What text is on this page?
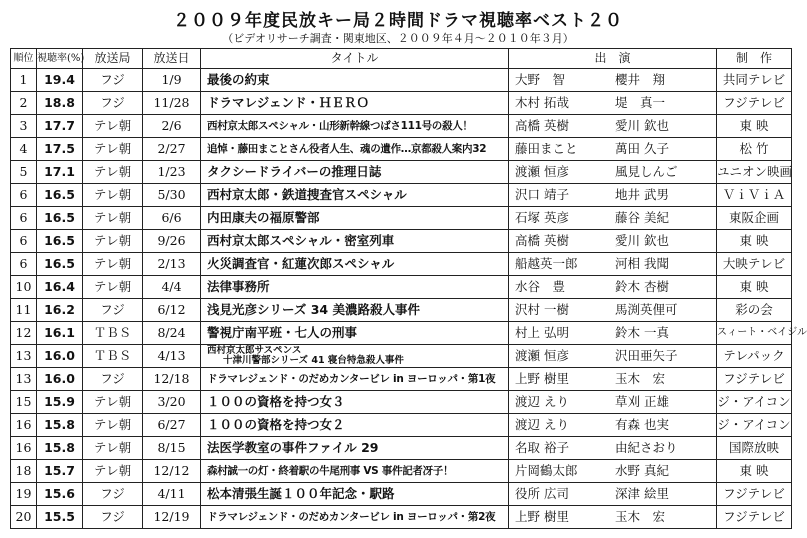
２００９年度民放キー局２時間ドラマ視聴率ベスト２０
（ビデオリサーチ調査・関東地区、２００９年４月〜２０１０年３月）
順位	視聴率(%)	放送局	放送日	タイトル	出　演	制　作
1	19.4	フジ	1/9	最後の約束	大野　智 櫻井　翔	共同テレビ
2	18.8	フジ	11/28	ドラマレジェンド・ＨＥＲＯ	木村 拓哉 堤　真一	フジテレビ
3	17.7	テレ朝	2/6	西村京太郎スペシャル・山形新幹線つばさ111号の殺人！	高橋 英樹 愛川 欽也	東 映
4	17.5	テレ朝	2/27	追悼・藤田まことさん役者人生、魂の遺作…京都殺人案内32	藤田まこと 萬田 久子	松 竹
5	17.1	テレ朝	1/23	タクシードライバーの推理日誌	渡瀬 恒彦 風見しんご	ユニオン映画
6	16.5	テレ朝	5/30	西村京太郎・鉄道捜査官スペシャル	沢口 靖子 地井 武男	ＶｉＶｉＡ
6	16.5	テレ朝	6/6	内田康夫の福原警部	石塚 英彦 藤谷 美紀	東阪企画
6	16.5	テレ朝	9/26	西村京太郎スペシャル・密室列車	高橋 英樹 愛川 欽也	東 映
6	16.5	テレ朝	2/13	火災調査官・紅蓮次郎スペシャル	船越英一郎 河相 我聞	大映テレビ
10	16.4	テレ朝	4/4	法律事務所	水谷　豊 鈴木 杏樹	東 映
11	16.2	フジ	6/12	浅見光彦シリーズ 34 美濃路殺人事件	沢村 一樹 馬渕英俚可	彩の会
12	16.1	ＴＢＳ	8/24	警視庁南平班・七人の刑事	村上 弘明 鈴木 一真	スィート・ベイジル
13	16.0	ＴＢＳ	4/13	西村京太郎サスペンス
十津川警部シリーズ 41 寝台特急殺人事件	渡瀬 恒彦 沢田亜矢子	テレパック
13	16.0	フジ	12/18	ドラマレジェンド・のだめカンタービレ in ヨーロッパ・第1夜	上野 樹里 玉木　宏	フジテレビ
15	15.9	テレ朝	3/20	１００の資格を持つ女３	渡辺 えり 草刈 正雄	ジ・アイコン
16	15.8	テレ朝	6/27	１００の資格を持つ女２	渡辺 えり 有森 也実	ジ・アイコン
16	15.8	テレ朝	8/15	法医学教室の事件ファイル 29	名取 裕子 由紀さおり	国際放映
18	15.7	テレ朝	12/12	森村誠一の灯・終着駅の牛尾刑事 VS 事件記者冴子！	片岡鶴太郎 水野 真紀	東 映
19	15.6	フジ	4/11	松本清張生誕１００年記念・駅路	役所 広司 深津 絵里	フジテレビ
20	15.5	フジ	12/19	ドラマレジェンド・のだめカンタービレ in ヨーロッパ・第2夜	上野 樹里 玉木　宏	フジテレビ
